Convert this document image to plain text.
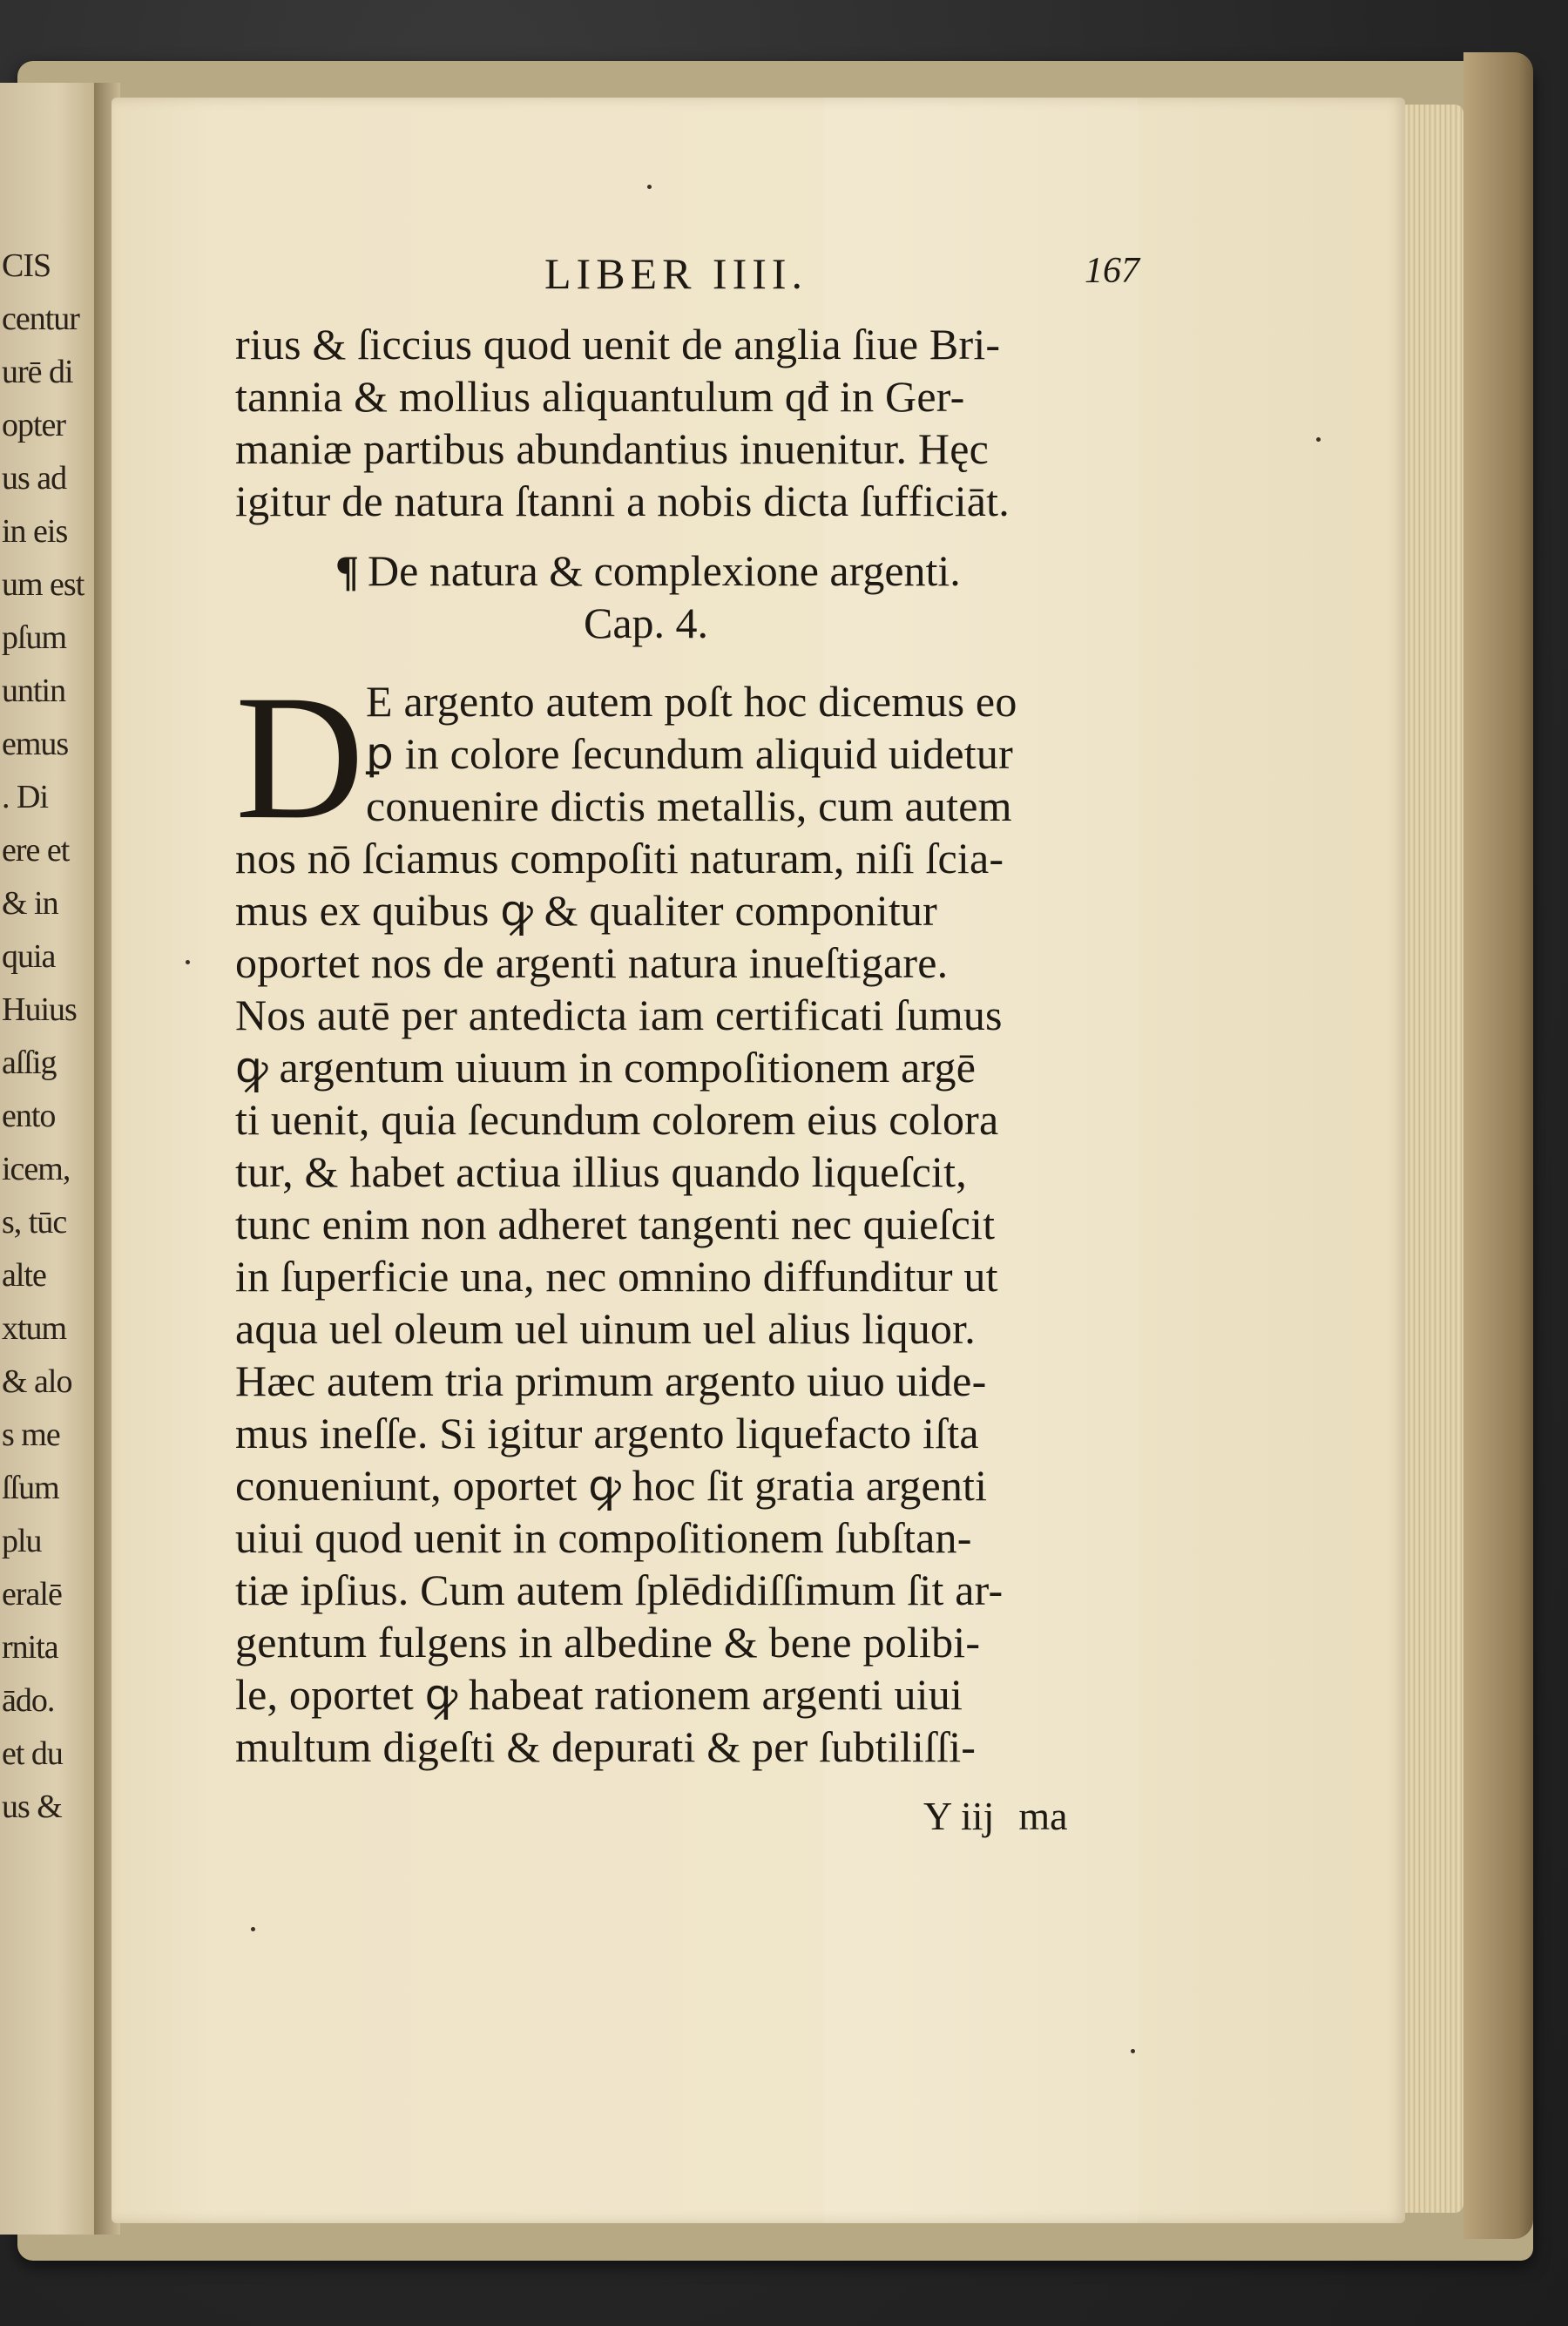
CIS
centur
urē di
opter
us ad
in eis
um est
pſum
untin
emus
. Di
ere et
& in
quia
Huius
aſſig
ento
icem,
s, tūc
alte
xtum
& alo
s me
ſſum
plu
eralē
rnita
ādo.
et du
us &
LIBER IIII.	167
rius & ſiccius quod uenit de anglia ſiue Bri-
tannia & mollius aliquantulum qđ in Ger-
maniæ partibus abundantius inuenitur. Hęc
igitur de natura ſtanni a nobis dicta ſufficiāt.
¶ De natura & complexione argenti.
Cap. 4.
D E argento autem poſt hoc dicemus eo
ꝑ in colore ſecundum aliquid uidetur
conuenire dictis metallis, cum autem
nos nō ſciamus compoſiti naturam, niſi ſcia-
mus ex quibus ꝙ & qualiter componitur
oportet nos de argenti natura inueſtigare.
Nos autē per antedicta iam certificati ſumus
ꝙ argentum uiuum in compoſitionem argē
ti uenit, quia ſecundum colorem eius colora
tur, & habet actiua illius quando liqueſcit,
tunc enim non adheret tangenti nec quieſcit
in ſuperficie una, nec omnino diffunditur ut
aqua uel oleum uel uinum uel alius liquor.
Hæc autem tria primum argento uiuo uide-
mus ineſſe. Si igitur argento liquefacto iſta
conueniunt, oportet ꝙ hoc ſit gratia argenti
uiui quod uenit in compoſitionem ſubſtan-
tiæ ipſius. Cum autem ſplēdidiſſimum ſit ar-
gentum fulgens in albedine & bene polibi-
le, oportet ꝙ habeat rationem argenti uiui
multum digeſti & depurati & per ſubtiliſſi-
Y iij ma
